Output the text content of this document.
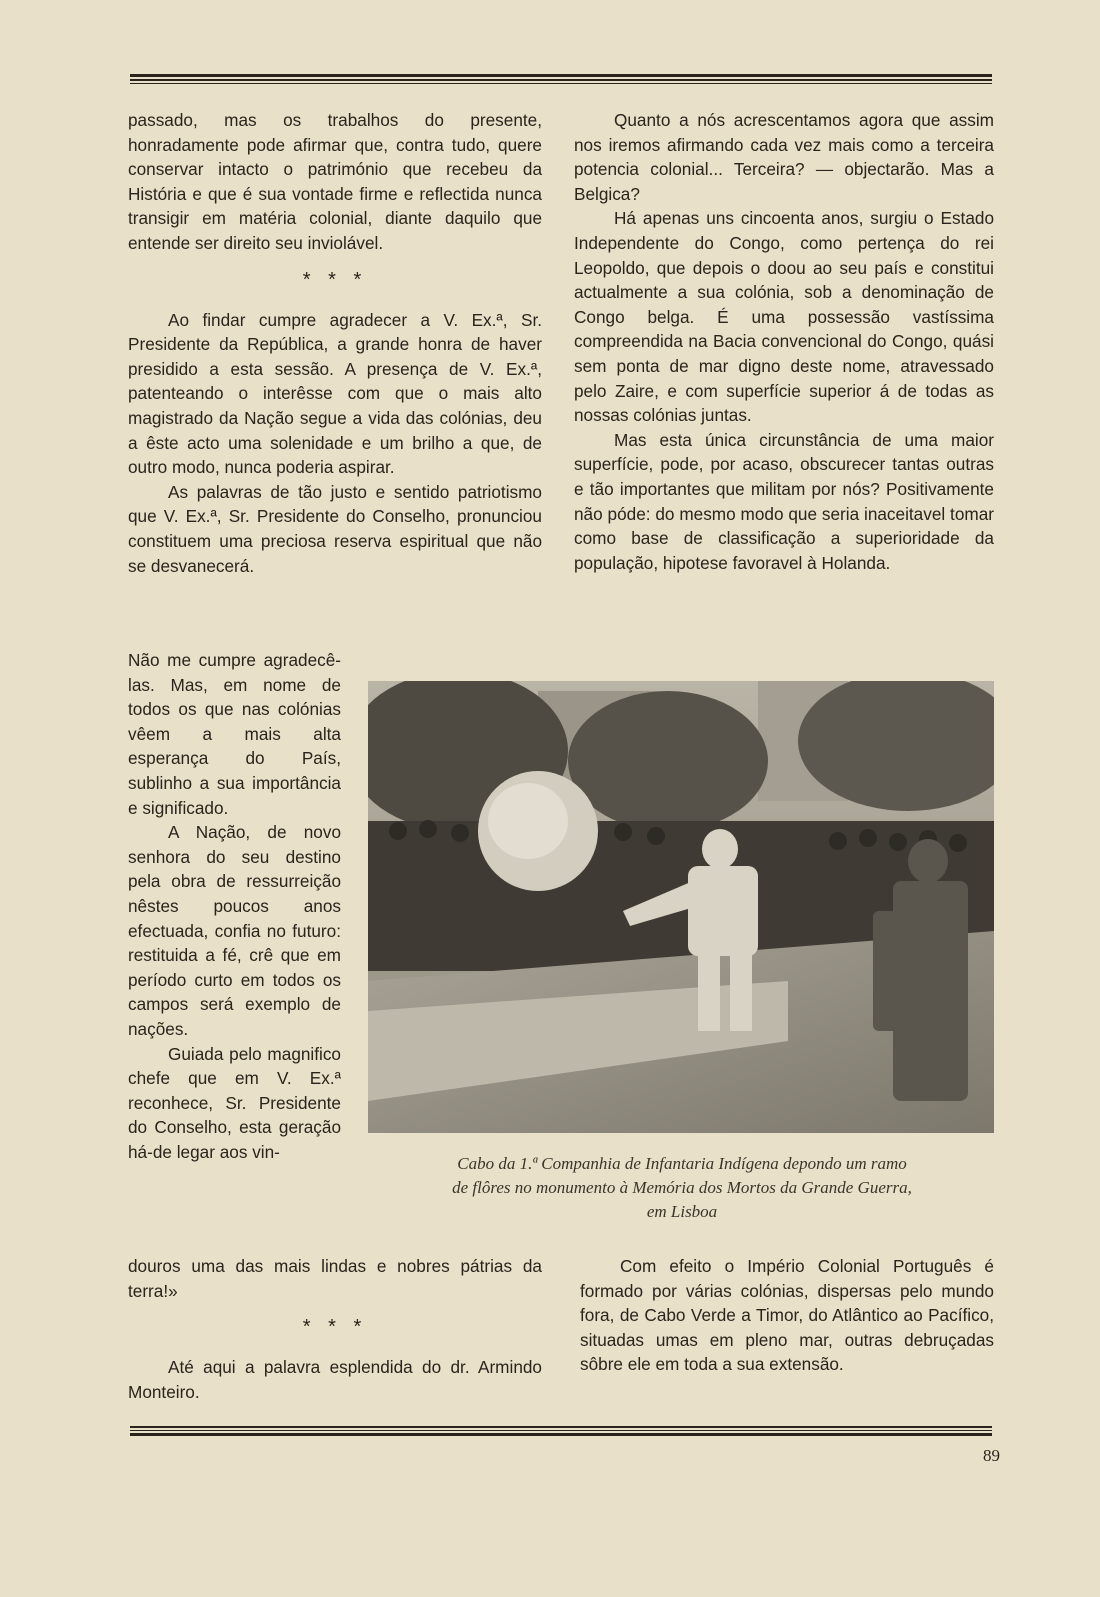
passado, mas os trabalhos do presente, honradamente pode afirmar que, contra tudo, quere conservar intacto o património que recebeu da História e que é sua vontade firme e reflectida nunca transigir em matéria colonial, diante daquilo que entende ser direito seu inviolável.

* * *

Ao findar cumpre agradecer a V. Ex.ª, Sr. Presidente da República, a grande honra de haver presidido a esta sessão. A presença de V. Ex.ª, patenteando o interêsse com que o mais alto magistrado da Nação segue a vida das colónias, deu a êste acto uma solenidade e um brilho a que, de outro modo, nunca poderia aspirar.

As palavras de tão justo e sentido patriotismo que V. Ex.ª, Sr. Presidente do Conselho, pronunciou constituem uma preciosa reserva espiritual que não se desvanecerá.

Quanto a nós acrescentamos agora que assim nos iremos afirmando cada vez mais como a terceira potencia colonial... Terceira? — objectarão. Mas a Belgica?

Há apenas uns cincoenta anos, surgiu o Estado Independente do Congo, como pertença do rei Leopoldo, que depois o doou ao seu país e constitui actualmente a sua colónia, sob a denominação de Congo belga. É uma possessão vastíssima compreendida na Bacia convencional do Congo, quási sem ponta de mar digno deste nome, atravessado pelo Zaire, e com superfície superior á de todas as nossas colónias juntas.

Mas esta única circunstância de uma maior superfície, pode, por acaso, obscurecer tantas outras e tão importantes que militam por nós? Positivamente não póde: do mesmo modo que seria inaceitavel tomar como base de classificação a superioridade da população, hipotese favoravel à Holanda.

Não me cumpre agradecê-las. Mas, em nome de todos os que nas colónias vêem a mais alta esperança do País, sublinho a sua importância e significado.

A Nação, de novo senhora do seu destino pela obra de ressurreição nêstes poucos anos efectuada, confia no futuro: restituida a fé, crê que em período curto em todos os campos será exemplo de nações.

Guiada pelo magnifico chefe que em V. Ex.ª reconhece, Sr. Presidente do Conselho, esta geração há-de legar aos vin-

Cabo da 1.ª Companhia de Infantaria Indígena depondo um ramo
de flôres no monumento à Memória dos Mortos da Grande Guerra,
em Lisboa

douros uma das mais lindas e nobres pátrias da terra!»

* * *

Até aqui a palavra esplendida do dr. Armindo Monteiro.

Com efeito o Império Colonial Português é formado por várias colónias, dispersas pelo mundo fora, de Cabo Verde a Timor, do Atlântico ao Pacífico, situadas umas em pleno mar, outras debruçadas sôbre ele em toda a sua extensão.

89
